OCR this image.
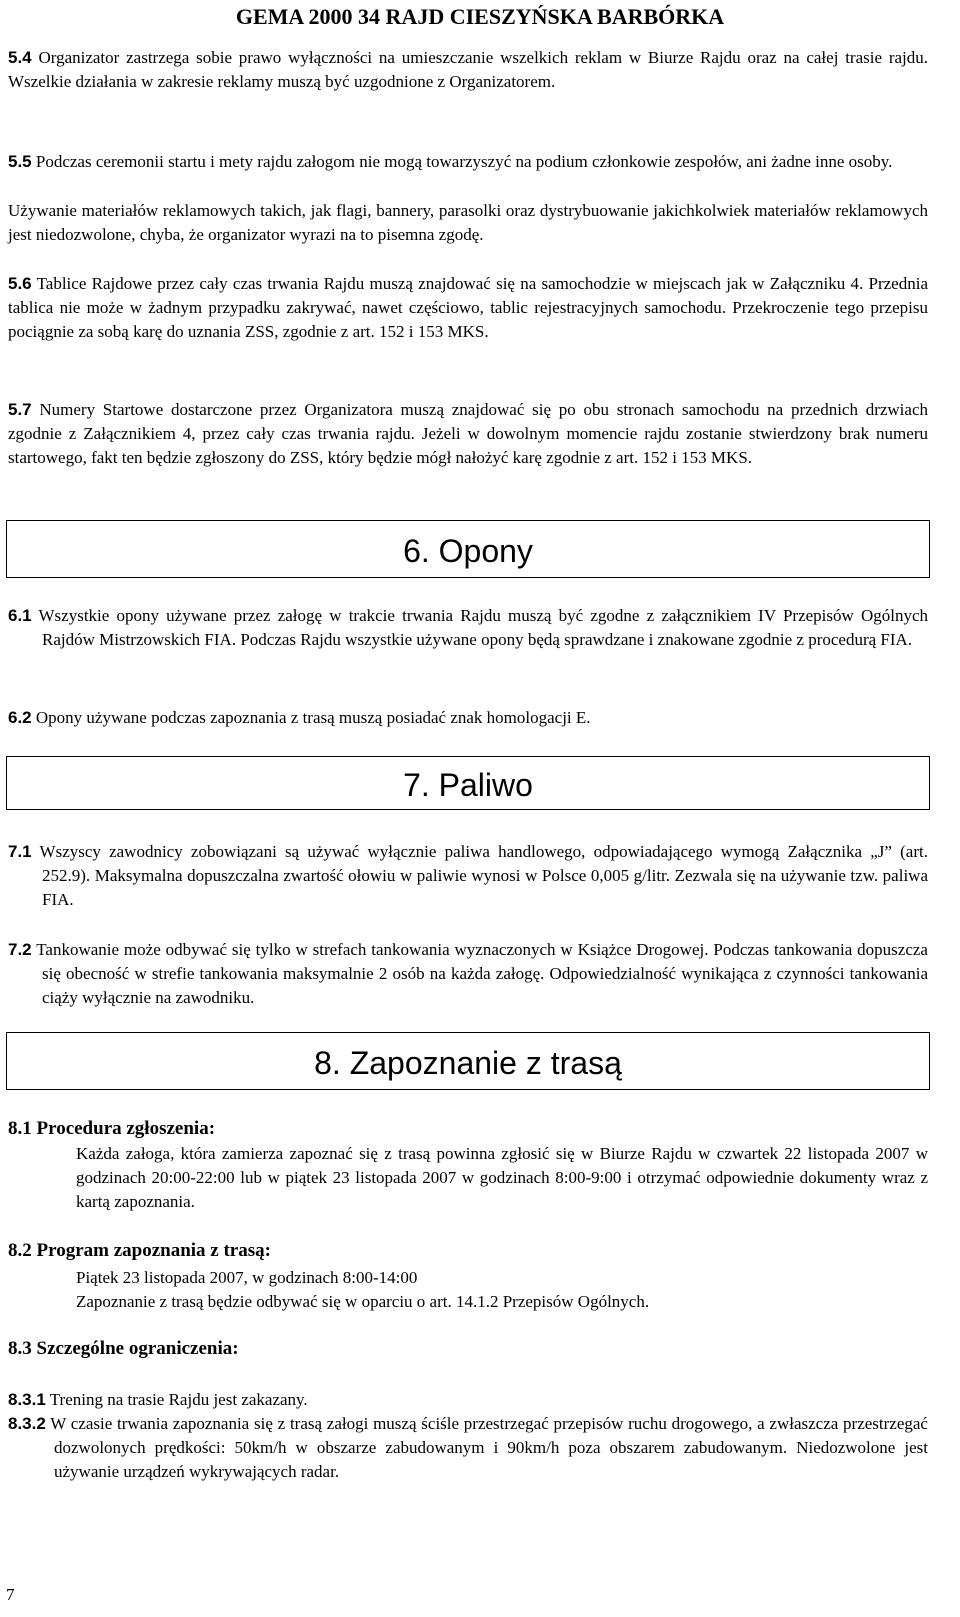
GEMA 2000 34 RAJD CIESZYŃSKA BARBÓRKA
5.4 Organizator zastrzega sobie prawo wyłączności na umieszczanie wszelkich reklam w Biurze Rajdu oraz na całej trasie rajdu. Wszelkie działania w zakresie reklamy muszą być uzgodnione z Organizatorem.
5.5 Podczas ceremonii startu i mety rajdu załogom nie mogą towarzyszyć na podium członkowie zespołów, ani żadne inne osoby.
Używanie materiałów reklamowych takich, jak flagi, bannery, parasolki oraz dystrybuowanie jakichkolwiek materiałów reklamowych jest niedozwolone, chyba, że organizator wyrazi na to pisemna zgodę.
5.6 Tablice Rajdowe przez cały czas trwania Rajdu muszą znajdować się na samochodzie w miejscach jak w Załączniku 4. Przednia tablica nie może w żadnym przypadku zakrywać, nawet częściowo, tablic rejestracyjnych samochodu. Przekroczenie tego przepisu pociągnie za sobą karę do uznania ZSS, zgodnie z art. 152 i 153 MKS.
5.7 Numery Startowe dostarczone przez Organizatora muszą znajdować się po obu stronach samochodu na przednich drzwiach zgodnie z Załącznikiem 4, przez cały czas trwania rajdu. Jeżeli w dowolnym momencie rajdu zostanie stwierdzony brak numeru startowego, fakt ten będzie zgłoszony do ZSS, który będzie mógł nałożyć karę zgodnie z art. 152 i 153 MKS.
6. Opony
6.1 Wszystkie opony używane przez załogę w trakcie trwania Rajdu muszą być zgodne z załącznikiem IV Przepisów Ogólnych Rajdów Mistrzowskich FIA. Podczas Rajdu wszystkie używane opony będą sprawdzane i znakowane zgodnie z procedurą FIA.
6.2 Opony używane podczas zapoznania z trasą muszą posiadać znak homologacji E.
7. Paliwo
7.1 Wszyscy zawodnicy zobowiązani są używać wyłącznie paliwa handlowego, odpowiadającego wymogą Załącznika „J” (art. 252.9). Maksymalna dopuszczalna zwartość ołowiu w paliwie wynosi w Polsce 0,005 g/litr. Zezwala się na używanie tzw. paliwa FIA.
7.2 Tankowanie może odbywać się tylko w strefach tankowania wyznaczonych w Książce Drogowej. Podczas tankowania dopuszcza się obecność w strefie tankowania maksymalnie 2 osób na każda załogę. Odpowiedzialność wynikająca z czynności tankowania ciąży wyłącznie na zawodniku.
8. Zapoznanie z trasą
8.1 Procedura zgłoszenia:
Każda załoga, która zamierza zapoznać się z trasą powinna zgłosić się w Biurze Rajdu w czwartek 22 listopada 2007 w godzinach 20:00-22:00 lub w piątek 23 listopada 2007 w godzinach 8:00-9:00 i otrzymać odpowiednie dokumenty wraz z kartą zapoznania.
8.2 Program zapoznania z trasą:
Piątek 23 listopada 2007, w godzinach 8:00-14:00
Zapoznanie z trasą będzie odbywać się w oparciu o art. 14.1.2 Przepisów Ogólnych.
8.3 Szczególne ograniczenia:
8.3.1 Trening na trasie Rajdu jest zakazany.
8.3.2 W czasie trwania zapoznania się z trasą załogi muszą ściśle przestrzegać przepisów ruchu drogowego, a zwłaszcza przestrzegać dozwolonych prędkości: 50km/h w obszarze zabudowanym i 90km/h poza obszarem zabudowanym. Niedozwolone jest używanie urządzeń wykrywających radar.
7
